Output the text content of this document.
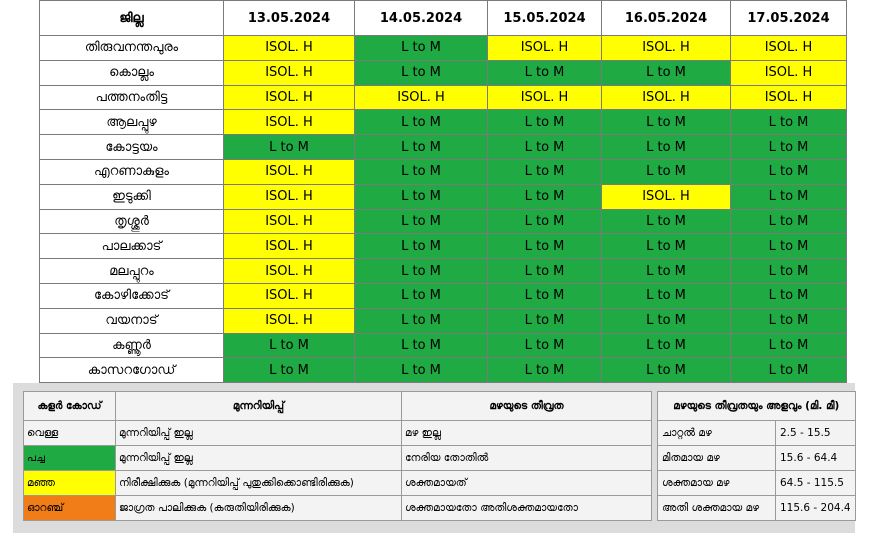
ജില്ല	13.05.2024	14.05.2024	15.05.2024	16.05.2024	17.05.2024
തിരുവനന്തപുരം	ISOL. H	L to M	ISOL. H	ISOL. H	ISOL. H
കൊല്ലം	ISOL. H	L to M	L to M	L to M	ISOL. H
പത്തനംതിട്ട	ISOL. H	ISOL. H	ISOL. H	ISOL. H	ISOL. H
ആലപ്പുഴ	ISOL. H	L to M	L to M	L to M	L to M
കോട്ടയം	L to M	L to M	L to M	L to M	L to M
എറണാകുളം	ISOL. H	L to M	L to M	L to M	L to M
ഇടുക്കി	ISOL. H	L to M	L to M	ISOL. H	L to M
തൃശ്ശൂർ	ISOL. H	L to M	L to M	L to M	L to M
പാലക്കാട്	ISOL. H	L to M	L to M	L to M	L to M
മലപ്പുറം	ISOL. H	L to M	L to M	L to M	L to M
കോഴിക്കോട്	ISOL. H	L to M	L to M	L to M	L to M
വയനാട്	ISOL. H	L to M	L to M	L to M	L to M
കണ്ണൂർ	L to M	L to M	L to M	L to M	L to M
കാസറഗോഡ്	L to M	L to M	L to M	L to M	L to M
കളർ കോഡ്	മുന്നറിയിപ്പ്	മഴയുടെ തീവ്രത
വെള്ള	മുന്നറിയിപ്പ് ഇല്ല	മഴ ഇല്ല
പച്ച	മുന്നറിയിപ്പ് ഇല്ല	നേരിയ തോതിൽ
മഞ്ഞ	നിരീക്ഷിക്കുക (മുന്നറിയിപ്പ് പുതുക്കിക്കൊണ്ടിരിക്കുക)	ശക്തമായത്
ഓറഞ്ച്	ജാഗ്രത പാലിക്കുക (കരുതിയിരിക്കുക)	ശക്തമായതോ അതിശക്തമായതോ
മഴയുടെ തീവ്രതയും അളവും (മി. മീ)	
ചാറ്റൽ മഴ	2.5 - 15.5
മിതമായ മഴ	15.6 - 64.4
ശക്തമായ മഴ	64.5 - 115.5
അതി ശക്തമായ മഴ	115.6 - 204.4
